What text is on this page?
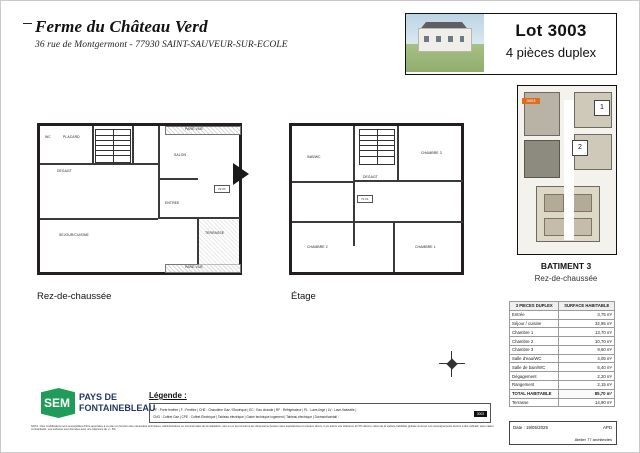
Ferme du Château Verd
36 rue de Montgermont - 77930 SAINT-SAUVEUR-SUR-ECOLE
Lot 3003
4 pièces duplex
WC	PLACARD
SALON
DEGAGT
ENTREE
SEJOUR/CUISINE	TERRASSE
PARE-VUE
PARE-VUE
29.83
Rez-de-chaussée
SdB/WC
DEGAGT
CHAMBRE 3
CHAMBRE 2	CHAMBRE 1
79.91
Étage
3003
1
2
BATIMENT 3
Rez-de-chaussée
3 PIECES DUPLEX	SURFACE HABITABLE
Entrée	3,75 m²
Séjour / cuisine	32,95 m²
Chambre 1	13,70 m²
Chambre 2	10,70 m²
Chambre 3	9,60 m²
Salle d'eau/WC	4,05 m²
Salle de bain/WC	6,40 m²
Dégagement	2,20 m²
Rangement	2,15 m²
TOTAL HABITABLE	85,70 m²
Terrasse	14,90 m²
SEM PAYS DE
FONTAINEBLEAU
Légende :
PF : Porte fenêtre | F : Fenêtre | CHE : Chaudière Gaz / Electrique | EC : Eau chaude | RF : Réfrigérateur | PL : Lave-linge | LV : Lave-Vaisselle |
CNG : Coffret Gaz | CPE : Coffret Electrique | Tableau électrique | Gaine technique logement | Tableau électrique | Dormant/vantail :
3003
NOTA : Des modifications sont susceptibles d'être apportées à ce plan en fonction des nécessités techniques, administratives ou commerciales de la réalisation, tant en ce qui concerne les dimensions (toutes cotes équivalentes et réseaux divers, il est admis une tolérance de 5% dans le calcul de la surface habitable globale du local. Les renseignements fournis à titre indicatif, sans valeur contractuelle. Les surfaces sont données avec une tolérance de +/- 5%.	Date : 19/05/2025	APD
Atelier 77 architectes
